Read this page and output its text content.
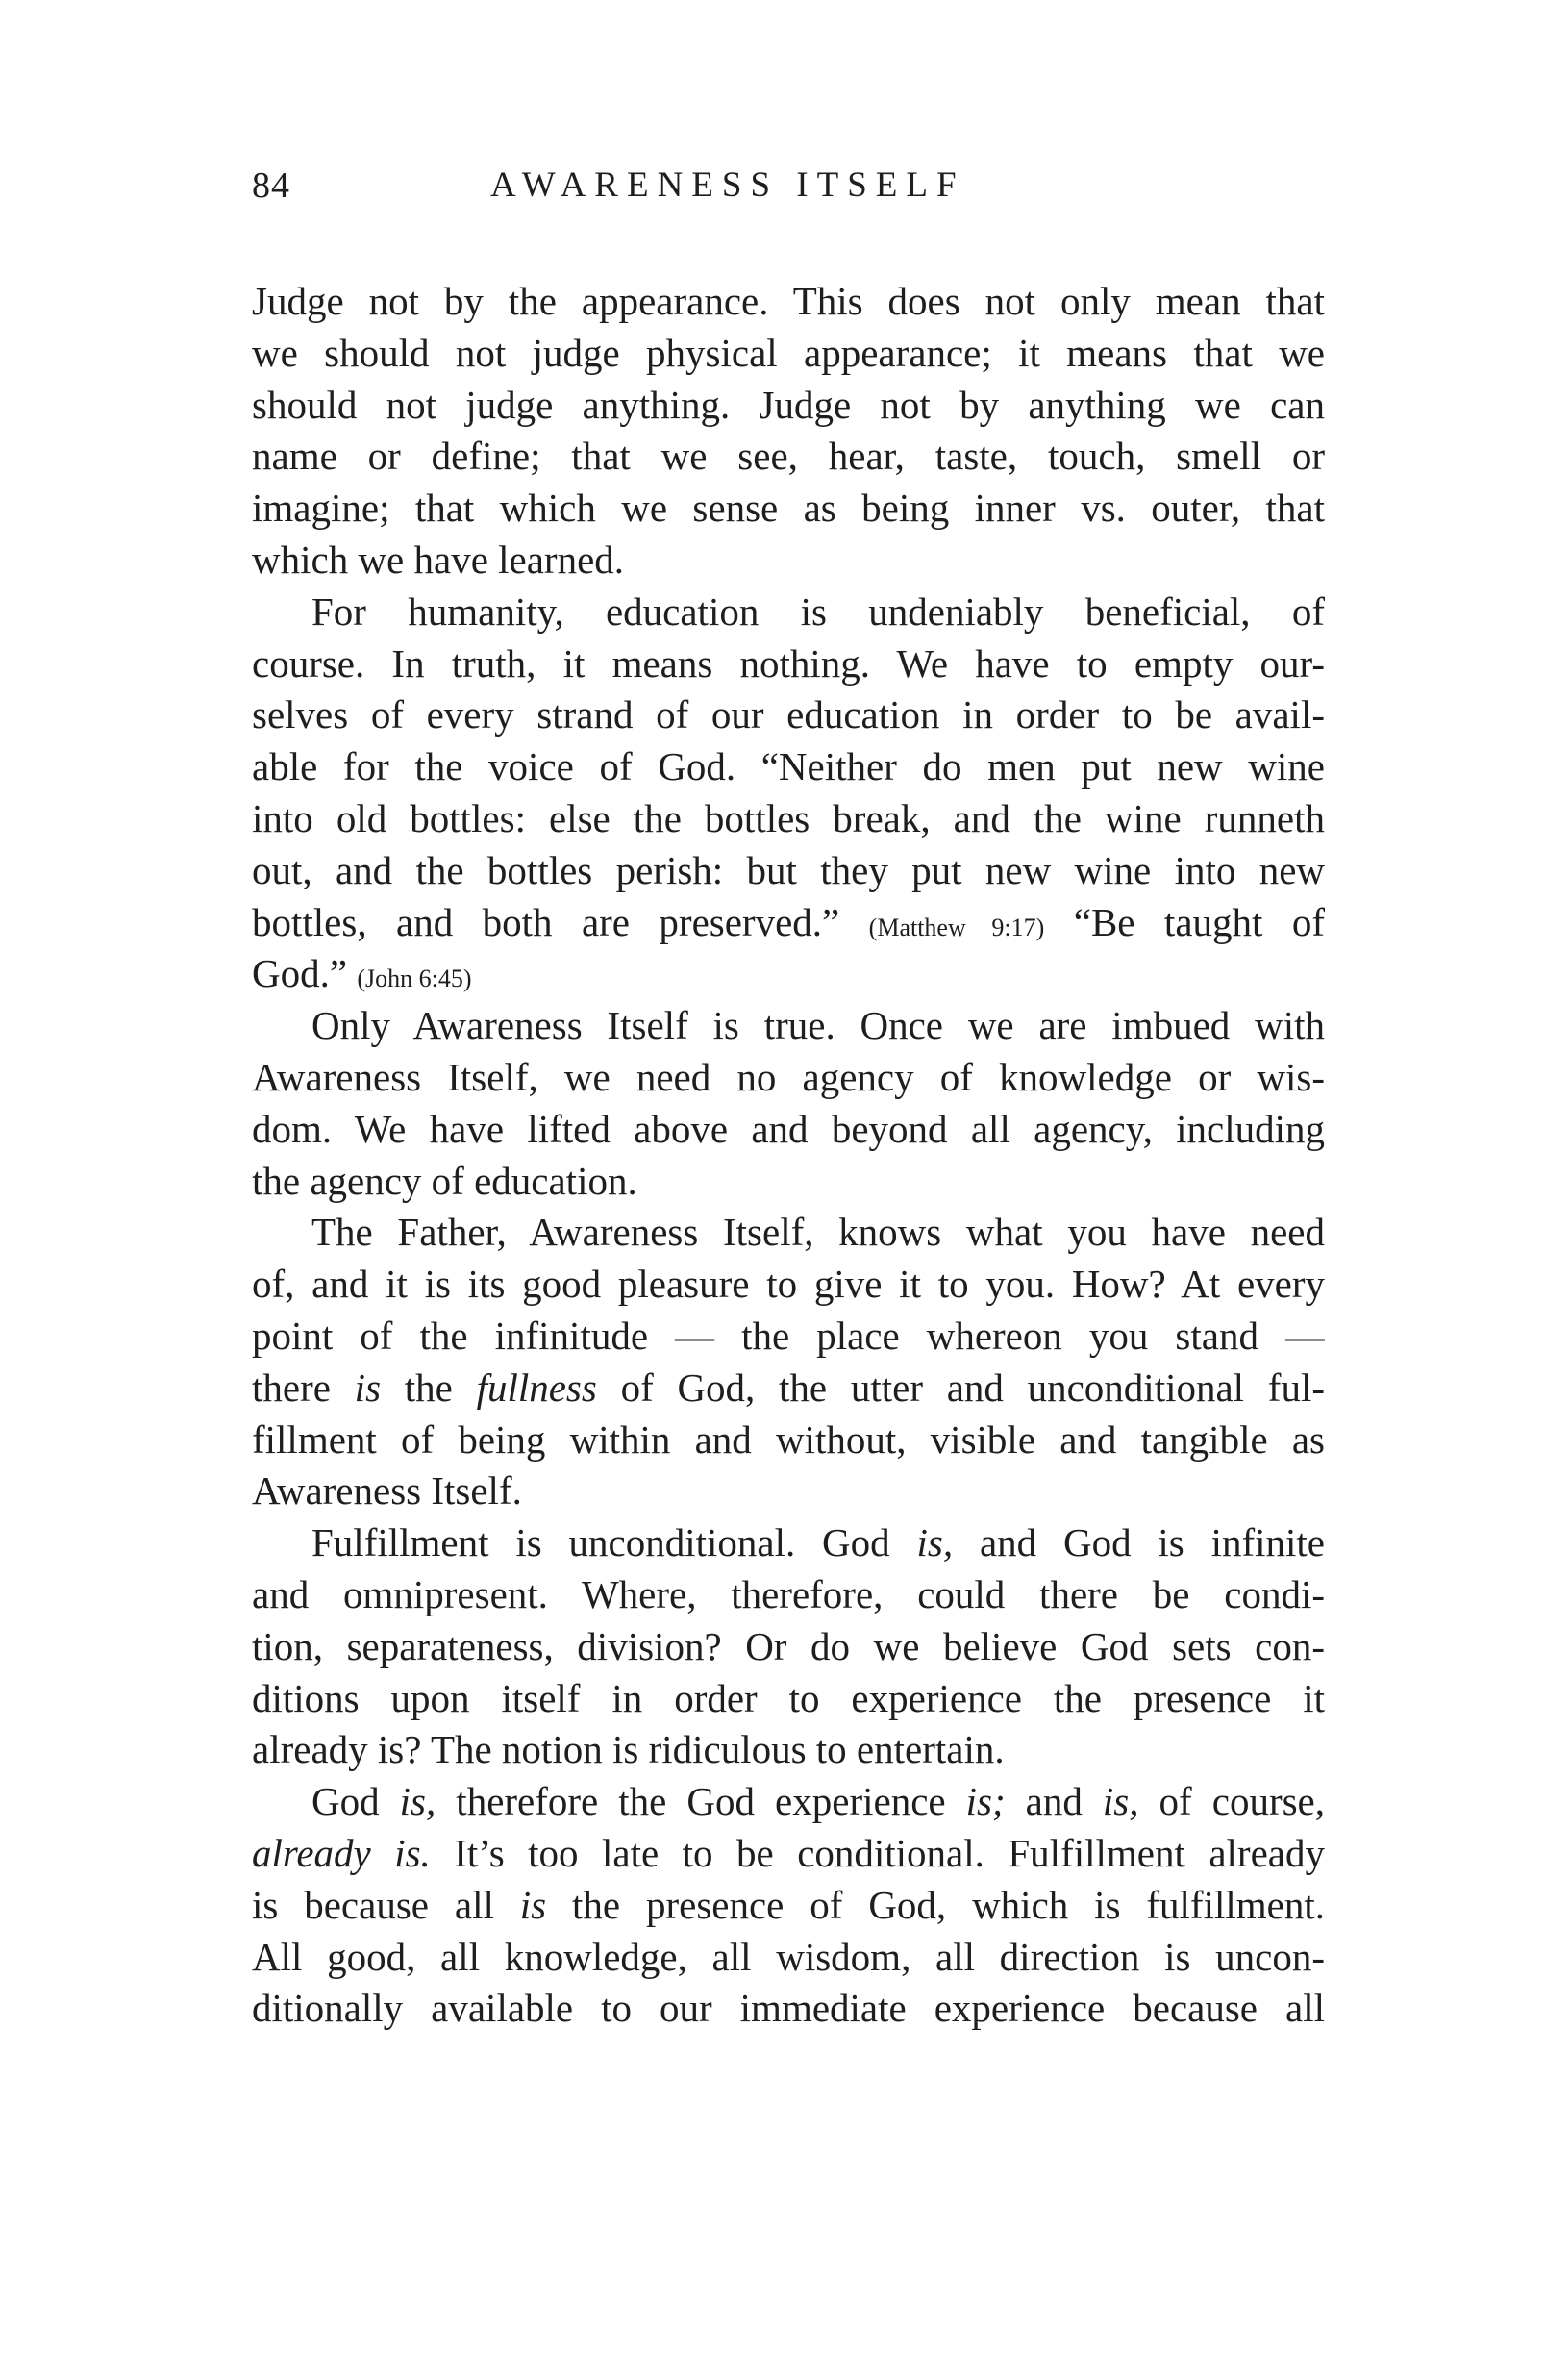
84	AWARENESS ITSELF
Judge not by the appearance. This does not only mean that
we should not judge physical appearance; it means that we
should not judge anything. Judge not by anything we can
name or define; that we see, hear, taste, touch, smell or
imagine; that which we sense as being inner vs. outer, that
which we have learned.
For humanity, education is undeniably beneficial, of
course. In truth, it means nothing. We have to empty our-
selves of every strand of our education in order to be avail-
able for the voice of God. “Neither do men put new wine
into old bottles: else the bottles break, and the wine runneth
out, and the bottles perish: but they put new wine into new
bottles, and both are preserved.” (Matthew 9:17) “Be taught of
God.” (John 6:45)
Only Awareness Itself is true. Once we are imbued with
Awareness Itself, we need no agency of knowledge or wis-
dom. We have lifted above and beyond all agency, including
the agency of education.
The Father, Awareness Itself, knows what you have need
of, and it is its good pleasure to give it to you. How? At every
point of the infinitude — the place whereon you stand —
there is the fullness of God, the utter and unconditional ful-
fillment of being within and without, visible and tangible as
Awareness Itself.
Fulfillment is unconditional. God is, and God is infinite
and omnipresent. Where, therefore, could there be condi-
tion, separateness, division? Or do we believe God sets con-
ditions upon itself in order to experience the presence it
already is? The notion is ridiculous to entertain.
God is, therefore the God experience is; and is, of course,
already is. It’s too late to be conditional. Fulfillment already
is because all is the presence of God, which is fulfillment.
All good, all knowledge, all wisdom, all direction is uncon-
ditionally available to our immediate experience because all
